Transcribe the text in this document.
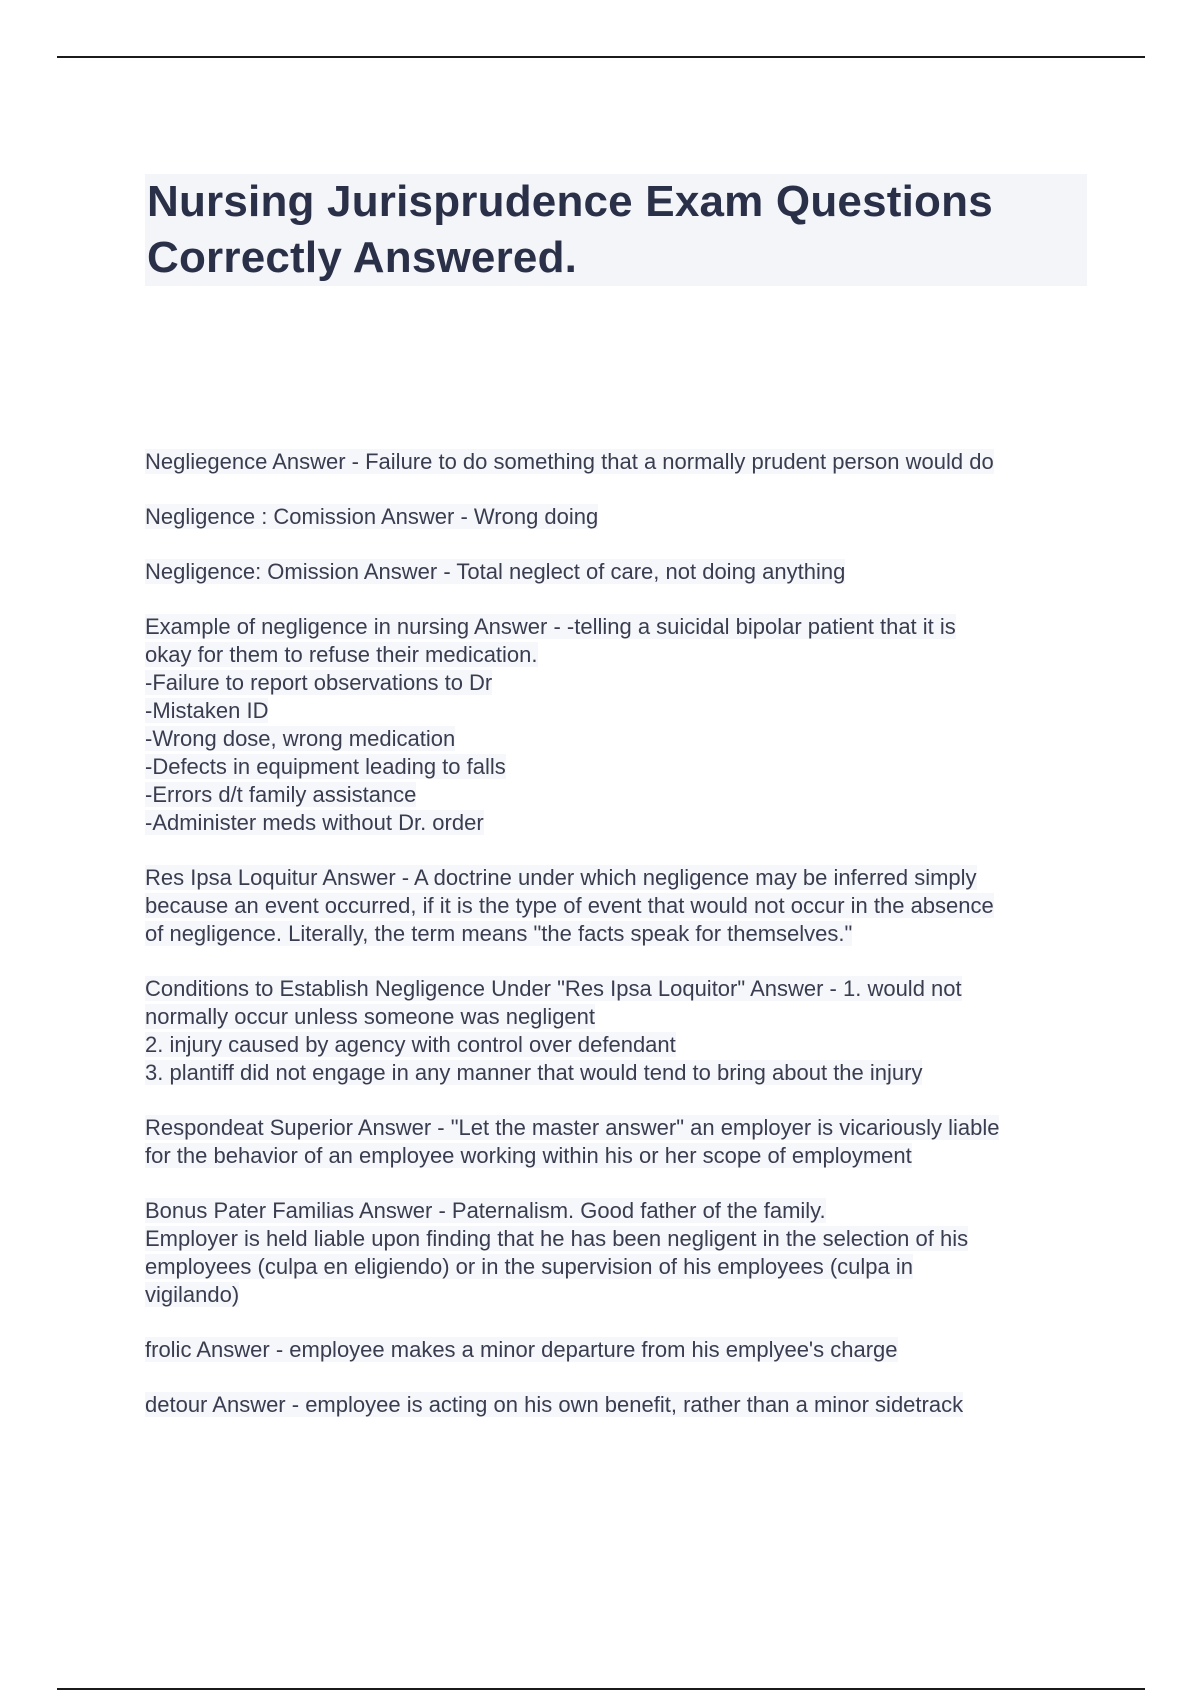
Nursing Jurisprudence Exam Questions
Correctly Answered.
Negliegence Answer - Failure to do something that a normally prudent person would do
Negligence : Comission Answer - Wrong doing
Negligence: Omission Answer - Total neglect of care, not doing anything
Example of negligence in nursing Answer - -telling a suicidal bipolar patient that it is
okay for them to refuse their medication.
-Failure to report observations to Dr
-Mistaken ID
-Wrong dose, wrong medication
-Defects in equipment leading to falls
-Errors d/t family assistance
-Administer meds without Dr. order
Res Ipsa Loquitur Answer - A doctrine under which negligence may be inferred simply
because an event occurred, if it is the type of event that would not occur in the absence
of negligence. Literally, the term means "the facts speak for themselves."
Conditions to Establish Negligence Under "Res Ipsa Loquitor" Answer - 1. would not
normally occur unless someone was negligent
2. injury caused by agency with control over defendant
3. plantiff did not engage in any manner that would tend to bring about the injury
Respondeat Superior Answer - "Let the master answer" an employer is vicariously liable
for the behavior of an employee working within his or her scope of employment
Bonus Pater Familias Answer - Paternalism. Good father of the family.
Employer is held liable upon finding that he has been negligent in the selection of his
employees (culpa en eligiendo) or in the supervision of his employees (culpa in
vigilando)
frolic Answer - employee makes a minor departure from his emplyee's charge
detour Answer - employee is acting on his own benefit, rather than a minor sidetrack
